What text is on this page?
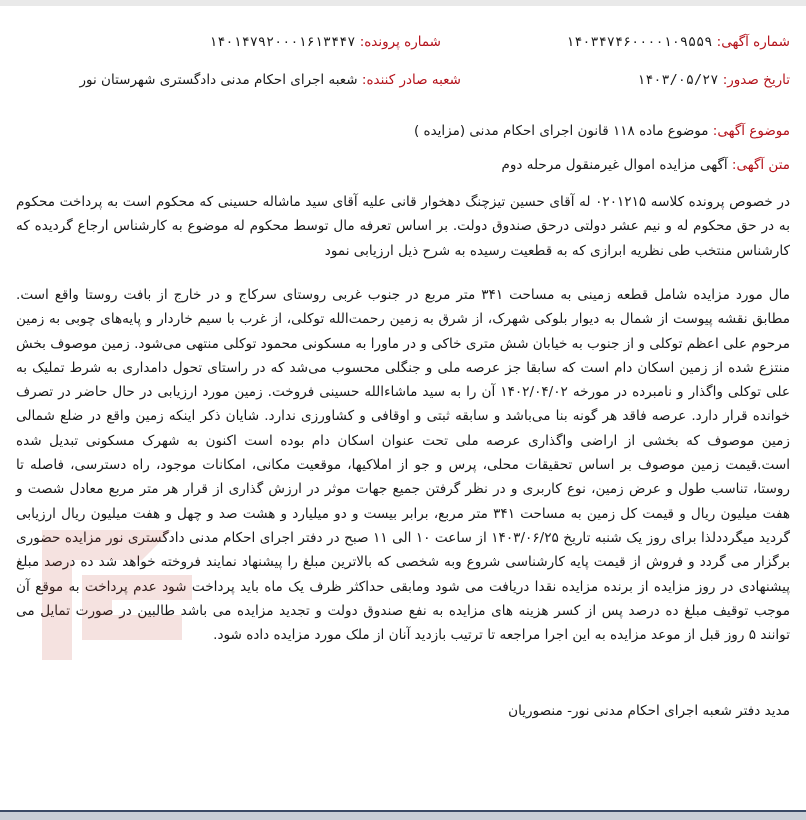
شماره آگهی: ۱۴۰۳۴۷۴۶۰۰۰۰۱۰۹۵۵۹
شماره پرونده: ۱۴۰۱۴۷۹۲۰۰۰۱۶۱۳۴۴۷
تاریخ صدور: ۱۴۰۳/۰۵/۲۷
شعبه صادر کننده: شعبه اجرای احکام مدنی دادگستری شهرستان نور
موضوع آگهی: موضوع ماده ۱۱۸ قانون اجرای احکام مدنی (مزایده )
متن آگهی: آگهی مزایده اموال غیرمنقول مرحله دوم
در خصوص پرونده کلاسه ۰۲۰۱۲۱۵ له آقای حسین تیزچنگ دهخوار قانی علیه آقای سید ماشاله حسینی که محکوم است به پرداخت محکوم به در حق محکوم له و نیم عشر دولتی درحق صندوق دولت. بر اساس تعرفه مال توسط محکوم له موضوع به کارشناس ارجاع گردیده که کارشناس منتخب طی نظریه ابرازی که به قطعیت رسیده به شرح ذیل ارزیابی نمود
مال مورد مزایده شامل قطعه زمینی به مساحت ۳۴۱ متر مربع در جنوب غربی روستای سرکاج و در خارج از بافت روستا واقع است. مطابق نقشه پیوست از شمال به دیوار بلوکی شهرک، از شرق به زمین رحمت‌الله توکلی، از غرب با سیم خاردار و پایه‌های چوبی به زمین مرحوم علی اعظم توکلی و از جنوب به خیابان شش متری خاکی و در ماورا به مسکونی محمود توکلی منتهی می‌شود. زمین موصوف بخش منتزع شده از زمین اسکان دام است که سابقا جز عرصه ملی و جنگلی محسوب می‌شد که در راستای تحول دامداری به شرط تملیک به علی توکلی واگذار و نامبرده در مورخه ۱۴۰۲/۰۴/۰۲ آن را به سید ماشاءالله حسینی فروخت. زمین مورد ارزیابی در حال حاضر در تصرف خوانده قرار دارد. عرصه فاقد هر گونه بنا می‌باشد و سابقه ثبتی و اوقافی و کشاورزی ندارد. شایان ذکر اینکه زمین واقع در ضلع شمالی زمین موصوف که بخشی از اراضی واگذاری عرصه ملی تحت عنوان اسکان دام بوده است اکنون به شهرک مسکونی تبدیل شده است.قیمت زمین موصوف بر اساس تحقیقات محلی، پرس و جو از املاکیها، موقعیت مکانی، امکانات موجود، راه دسترسی، فاصله تا روستا، تناسب طول و عرض زمین، نوع کاربری و در نظر گرفتن جمیع جهات موثر در ارزش گذاری از قرار هر متر مربع معادل شصت و هفت میلیون ریال و قیمت کل زمین به مساحت ۳۴۱ متر مربع، برابر بیست و دو میلیارد و هشت صد و چهل و هفت میلیون ریال ارزیابی گردید میگرددلذا برای روز یک شنبه تاریخ ۱۴۰۳/۰۶/۲۵ از ساعت ۱۰ الی ۱۱ صبح در دفتر اجرای احکام مدنی دادگستری نور مزایده حضوری برگزار می گردد و فروش از قیمت پایه کارشناسی شروع وبه شخصی که بالاترین مبلغ را پیشنهاد نمایند فروخته خواهد شد ده درصد مبلغ پیشنهادی در روز مزایده از برنده مزایده نقدا دریافت می شود ومابقی حداکثر ظرف یک ماه باید پرداخت شود عدم پرداخت به موقع آن موجب توقیف مبلغ ده درصد پس از کسر هزینه های مزایده به نفع صندوق دولت و تجدید مزایده می باشد طالبین در صورت تمایل می توانند ۵ روز قبل از موعد مزایده به این اجرا مراجعه تا ترتیب بازدید آنان از ملک مورد مزایده داده شود.
مدید دفتر شعبه اجرای احکام مدنی نور- منصوریان
